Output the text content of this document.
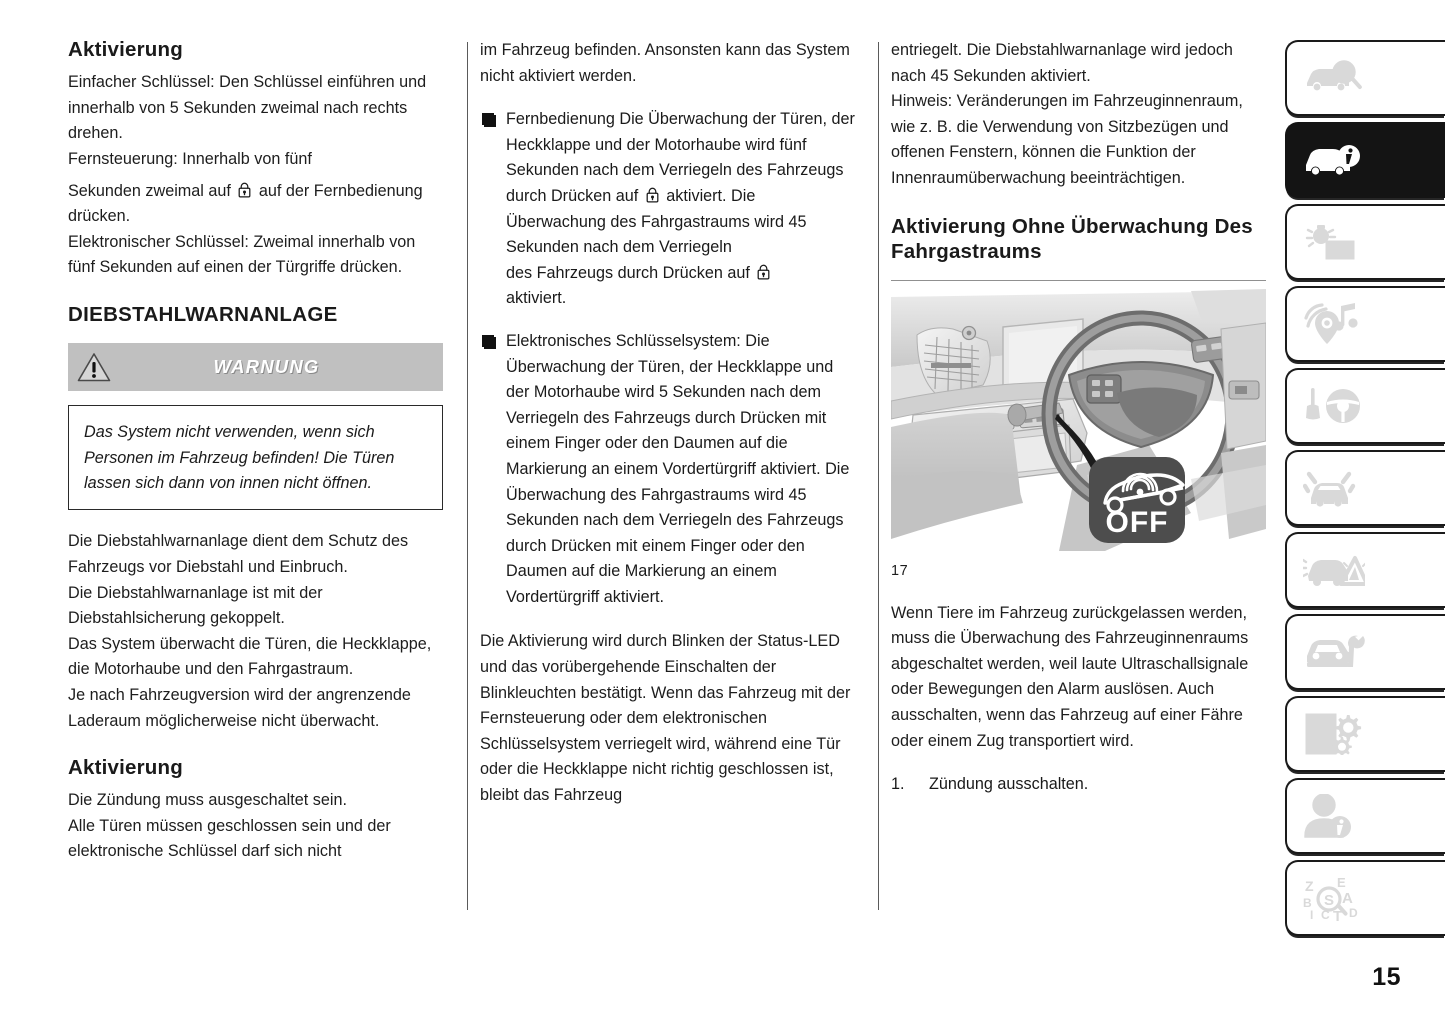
Aktivierung

Einfacher Schlüssel: Den Schlüssel einführen und innerhalb von 5 Sekunden zweimal nach rechts drehen.

Fernsteuerung: Innerhalb von fünf

Sekunden zweimal auf auf der Fernbedienung drücken.

Elektronischer Schlüssel: Zweimal innerhalb von fünf Sekunden auf einen der Türgriffe drücken.

DIEBSTAHLWARNANLAGE
WARNUNG

Das System nicht verwenden, wenn sich Personen im Fahrzeug befinden! Die Türen lassen sich dann von innen nicht öffnen.

Die Diebstahlwarnanlage dient dem Schutz des Fahrzeugs vor Diebstahl und Einbruch.

Die Diebstahlwarnanlage ist mit der Diebstahlsicherung gekoppelt.

Das System überwacht die Türen, die Heckklappe, die Motorhaube und den Fahrgastraum.

Je nach Fahrzeugversion wird der angrenzende Laderaum möglicherweise nicht überwacht.

Aktivierung

Die Zündung muss ausgeschaltet sein.

Alle Türen müssen geschlossen sein und der elektronische Schlüssel darf sich nicht

im Fahrzeug befinden. Ansonsten kann das System nicht aktiviert werden.

Fernbedienung Die Überwachung der Türen, der Heckklappe und der Motorhaube wird fünf Sekunden nach dem Verriegeln des Fahrzeugs
durch Drücken auf aktiviert. Die Überwachung des Fahrgastraums wird 45 Sekunden nach dem Verriegeln
des Fahrzeugs durch Drücken auf

aktiviert.
Elektronisches Schlüsselsystem: Die Überwachung der Türen, der Heckklappe und der Motorhaube wird 5 Sekunden nach dem Verriegeln des Fahrzeugs durch Drücken mit einem Finger oder den Daumen auf die Markierung an einem Vordertürgriff aktiviert. Die Überwachung des Fahrgastraums wird 45 Sekunden nach dem Verriegeln des Fahrzeugs durch Drücken mit einem Finger oder den Daumen auf die Markierung an einem Vordertürgriff aktiviert.

Die Aktivierung wird durch Blinken der Status-LED und das vorübergehende Einschalten der Blinkleuchten bestätigt. Wenn das Fahrzeug mit der Fernsteuerung oder dem elektronischen Schlüsselsystem verriegelt wird, während eine Tür oder die Heckklappe nicht richtig geschlossen ist, bleibt das Fahrzeug

entriegelt. Die Diebstahlwarnanlage wird jedoch nach 45 Sekunden aktiviert.

Hinweis: Veränderungen im Fahrzeuginnenraum, wie z. B. die Verwendung von Sitzbezügen und offenen Fenstern, können die Funktion der Innenraumüberwachung beeinträchtigen.

Aktivierung Ohne Überwachung Des Fahrgastraums
OFF
17

Wenn Tiere im Fahrzeug zurückgelassen werden, muss die Überwachung des Fahrzeuginnenraums abgeschaltet werden, weil laute Ultraschallsignale oder Bewegungen den Alarm auslösen. Auch ausschalten, wenn das Fahrzeug auf einer Fähre oder einem Zug transportiert wird.

1. Zündung ausschalten.
Z
B
I C T
E
A
D
S
15
